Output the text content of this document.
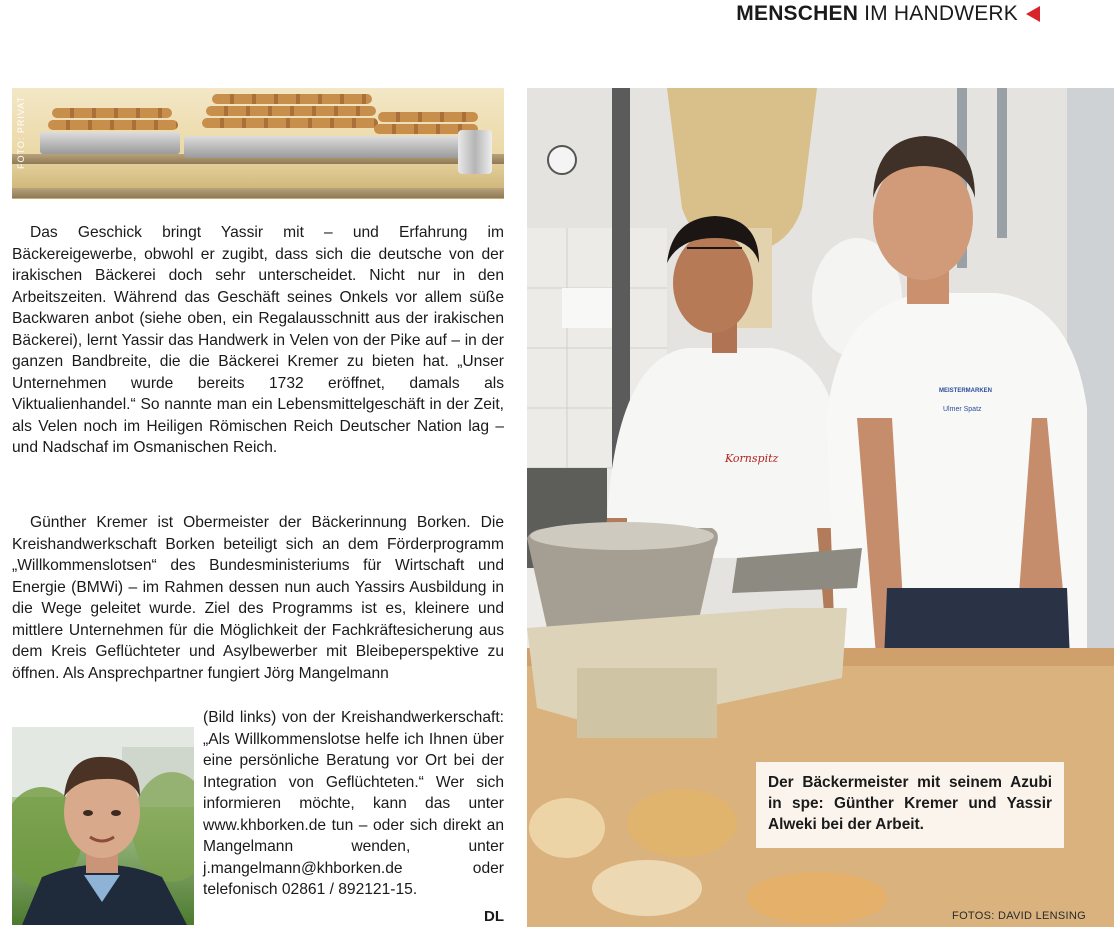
MENSCHEN IM HANDWERK
FOTO: PRIVAT

Das Geschick bringt Yassir mit – und Erfahrung im Bäckereigewerbe, obwohl er zugibt, dass sich die deutsche von der irakischen Bäckerei doch sehr unterscheidet. Nicht nur in den Arbeitszeiten. Während das Geschäft seines Onkels vor allem süße Backwaren anbot (siehe oben, ein Regalausschnitt aus der irakischen Bäckerei), lernt Yassir das Handwerk in Velen von der Pike auf – in der ganzen Bandbreite, die die Bäckerei Kremer zu bieten hat. „Unser Unternehmen wurde bereits 1732 eröffnet, damals als Viktualienhandel.“ So nannte man ein Lebensmittelgeschäft in der Zeit, als Velen noch im Heiligen Römischen Reich Deutscher Nation lag – und Nadschaf im Osmanischen Reich.

Günther Kremer ist Obermeister der Bäckerinnung Borken. Die Kreishandwerkschaft Borken beteiligt sich an dem Förderprogramm „Willkommenslotsen“ des Bundesministeriums für Wirtschaft und Energie (BMWi) – im Rahmen dessen nun auch Yassirs Ausbildung in die Wege geleitet wurde. Ziel des Programms ist es, kleinere und mittlere Unternehmen für die Möglichkeit der Fachkräftesicherung aus dem Kreis Geflüchteter und Asylbewerber mit Bleibeperspektive zu öffnen. Als Ansprechpartner fungiert Jörg Mangelmann

(Bild links) von der Kreishandwerkerschaft: „Als Willkommenslotse helfe ich Ihnen über eine persönliche Beratung vor Ort bei der Integration von Geflüchteten.“ Wer sich informieren möchte, kann das unter www.khborken.de tun – oder sich direkt an Mangelmann wenden, unter j.mangelmann@khborken.de oder telefonisch 02861 / 892121-15.

DL
Kornspitz
MEISTERMARKEN
Ulmer Spatz
Der Bäckermeister mit seinem Azubi in spe: Günther Kremer und Yassir Alweki bei der Arbeit.
FOTOS: DAVID LENSING
